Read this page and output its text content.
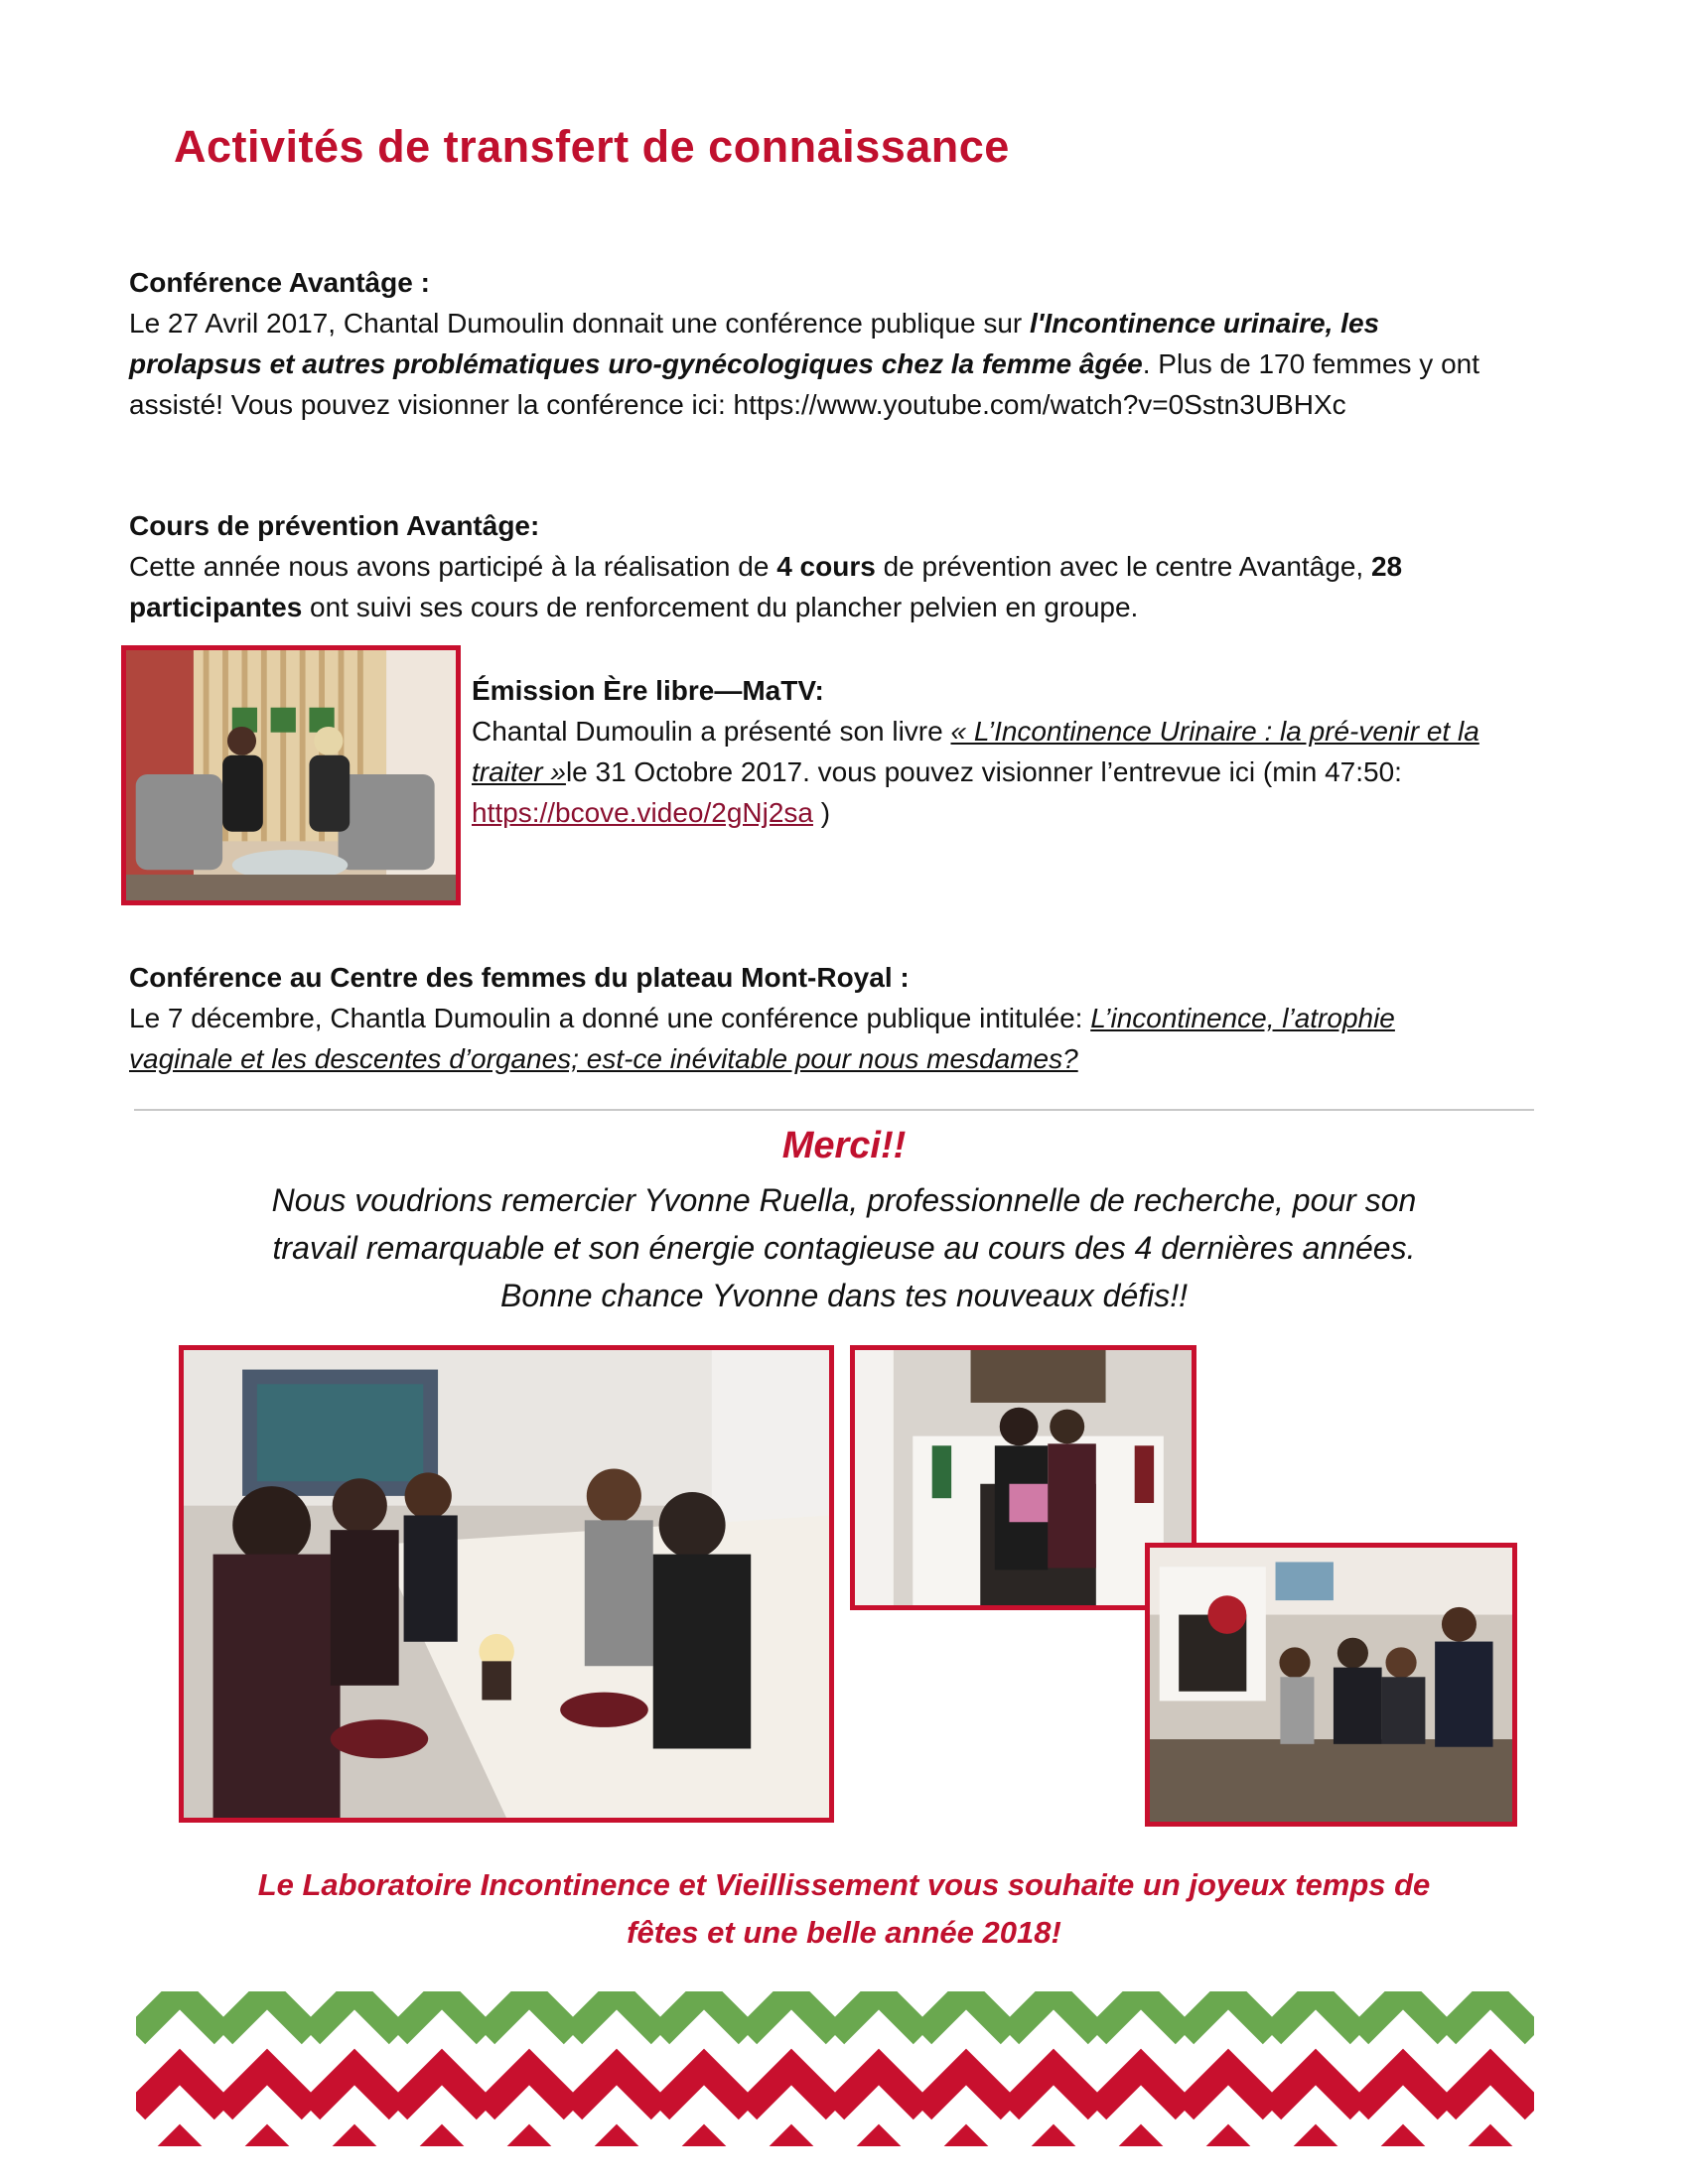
Activités de transfert de connaissance
Conférence Avantâge :

Le 27 Avril 2017, Chantal Dumoulin donnait une conférence publique sur l'Incontinence urinaire, les prolapsus et autres problématiques uro-gynécologiques chez la femme âgée. Plus de 170 femmes y ont assisté! Vous pouvez visionner la conférence ici: https://www.youtube.com/watch?v=0Sstn3UBHXc

Cours de prévention Avantâge:

Cette année nous avons participé à la réalisation de 4 cours de prévention avec le centre Avantâge, 28 participantes ont suivi ses cours de renforcement du plancher pelvien en groupe.

Émission Ère libre—MaTV:

Chantal Dumoulin a présenté son livre « L’Incontinence Urinaire : la pré-venir et la traiter »le 31 Octobre 2017. vous pouvez visionner l’entrevue ici (min 47:50: https://bcove.video/2gNj2sa )

Conférence au Centre des femmes du plateau Mont-Royal :

Le 7 décembre, Chantla Dumoulin a donné une conférence publique intitulée: L’incontinence, l’atrophie vaginale et les descentes d’organes; est-ce inévitable pour nous mesdames?

Merci!!
Nous voudrions remercier Yvonne Ruella, professionnelle de recherche, pour son
travail remarquable et son énergie contagieuse au cours des 4 dernières années.
Bonne chance Yvonne dans tes nouveaux défis!!
Le Laboratoire Incontinence et Vieillissement vous souhaite un joyeux temps de
fêtes et une belle année 2018!
